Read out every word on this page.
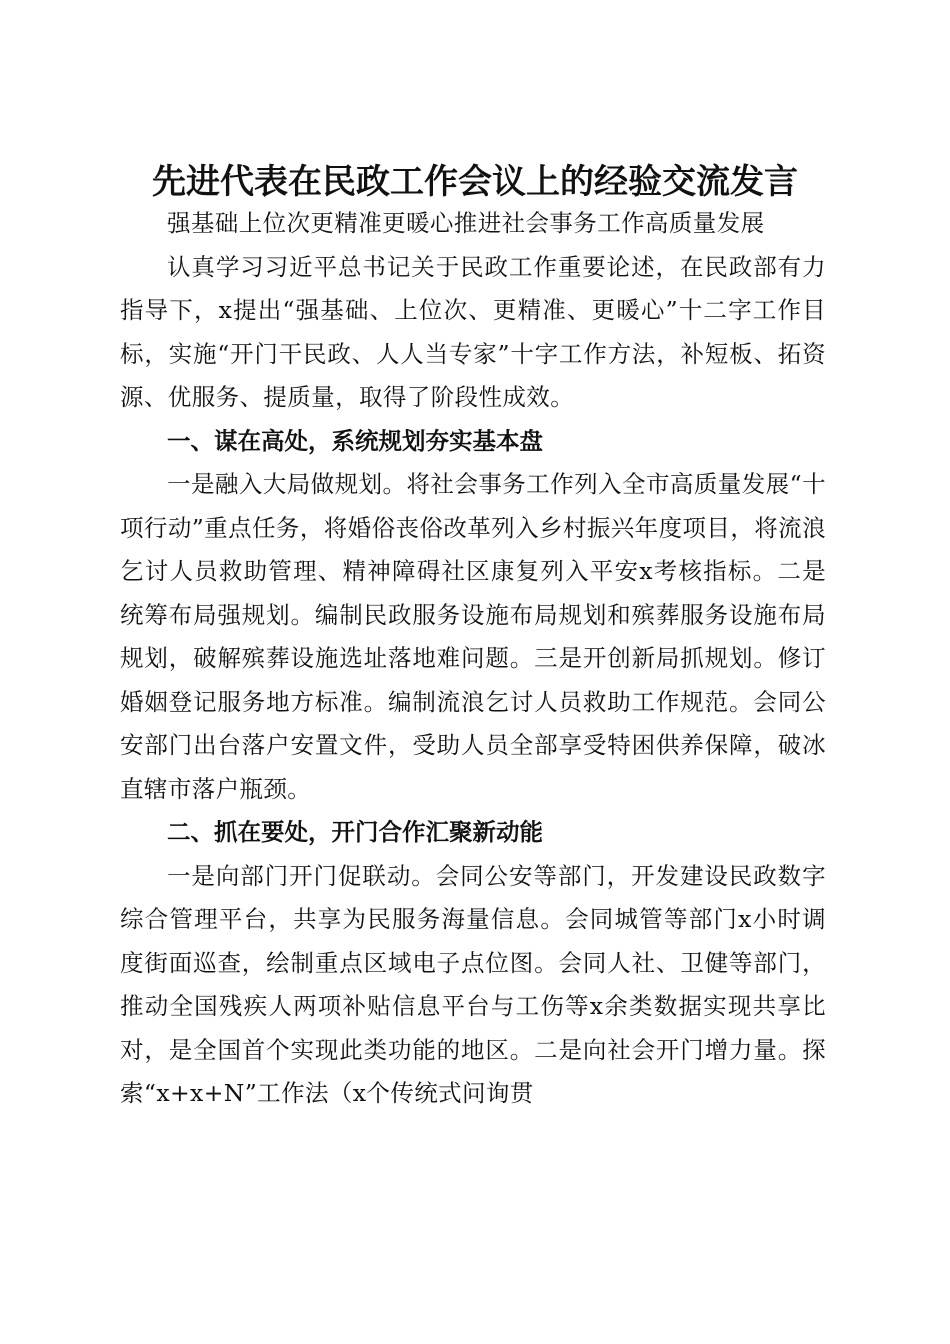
先进代表在民政工作会议上的经验交流发言

强基础上位次更精准更暖心推进社会事务工作高质量发展

认真学习习近平总书记关于民政工作重要论述，在民政部有力指导下，x提出“强基础、上位次、更精准、更暖心”十二字工作目标，实施“开门干民政、人人当专家”十字工作方法，补短板、拓资源、优服务、提质量，取得了阶段性成效。

一、谋在高处，系统规划夯实基本盘

一是融入大局做规划。将社会事务工作列入全市高质量发展“十项行动”重点任务，将婚俗丧俗改革列入乡村振兴年度项目，将流浪乞讨人员救助管理、精神障碍社区康复列入平安x考核指标。二是统筹布局强规划。编制民政服务设施布局规划和殡葬服务设施布局规划，破解殡葬设施选址落地难问题。三是开创新局抓规划。修订婚姻登记服务地方标准。编制流浪乞讨人员救助工作规范。会同公安部门出台落户安置文件，受助人员全部享受特困供养保障，破冰直辖市落户瓶颈。

二、抓在要处，开门合作汇聚新动能

一是向部门开门促联动。会同公安等部门，开发建设民政数字综合管理平台，共享为民服务海量信息。会同城管等部门x小时调度街面巡查，绘制重点区域电子点位图。会同人社、卫健等部门，推动全国残疾人两项补贴信息平台与工伤等x余类数据实现共享比对，是全国首个实现此类功能的地区。二是向社会开门增力量。探索“x+x+N”工作法（x个传统式问询贯
